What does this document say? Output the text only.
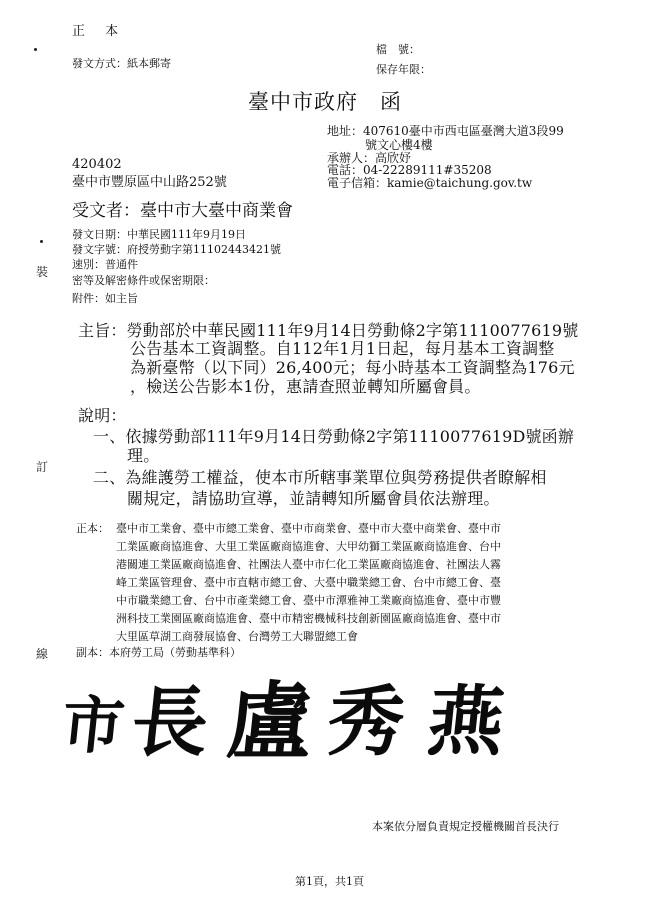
正 本
發文方式：紙本郵寄
檔　號：
保存年限：
臺中市政府　函
地址：407610臺中市西屯區臺灣大道3段99
號文心樓4樓
承辦人：高欣妤
電話：04-22289111#35208
電子信箱：kamie@taichung.gov.tw
420402
臺中市豐原區中山路252號
受文者：臺中市大臺中商業會
發文日期：中華民國111年9月19日
發文字號：府授勞動字第11102443421號
速別：普通件
密等及解密條件或保密期限：
附件：如主旨
主旨：勞動部於中華民國111年9月14日勞動條2字第1110077619號
公告基本工資調整。自112年1月1日起，每月基本工資調整
為新臺幣（以下同）26,400元；每小時基本工資調整為176元
，檢送公告影本1份，惠請查照並轉知所屬會員。
說明：
一、依據勞動部111年9月14日勞動條2字第1110077619D號函辦
理。
二、為維護勞工權益，使本市所轄事業單位與勞務提供者瞭解相
關規定，請協助宣導，並請轉知所屬會員依法辦理。
正本： 臺中市工業會、臺中市總工業會、臺中市商業會、臺中市大臺中商業會、臺中市
工業區廠商協進會、大里工業區廠商協進會、大甲幼獅工業區廠商協進會、台中
港關連工業區廠商協進會、社團法人臺中市仁化工業區廠商協進會、社團法人霧
峰工業區管理會、臺中市直轄市總工會、大臺中職業總工會、台中市總工會、臺
中市職業總工會、台中市產業總工會、臺中市潭雅神工業廠商協進會、臺中市豐
洲科技工業園區廠商協進會、臺中市精密機械科技創新園區廠商協進會、臺中市
大里區草湖工商發展協會、台灣勞工大聯盟總工會
副本：本府勞工局（勞動基準科）
市 長 盧 秀 燕
本案依分層負責規定授權機關首長決行
第1頁，共1頁
裝
訂
線
